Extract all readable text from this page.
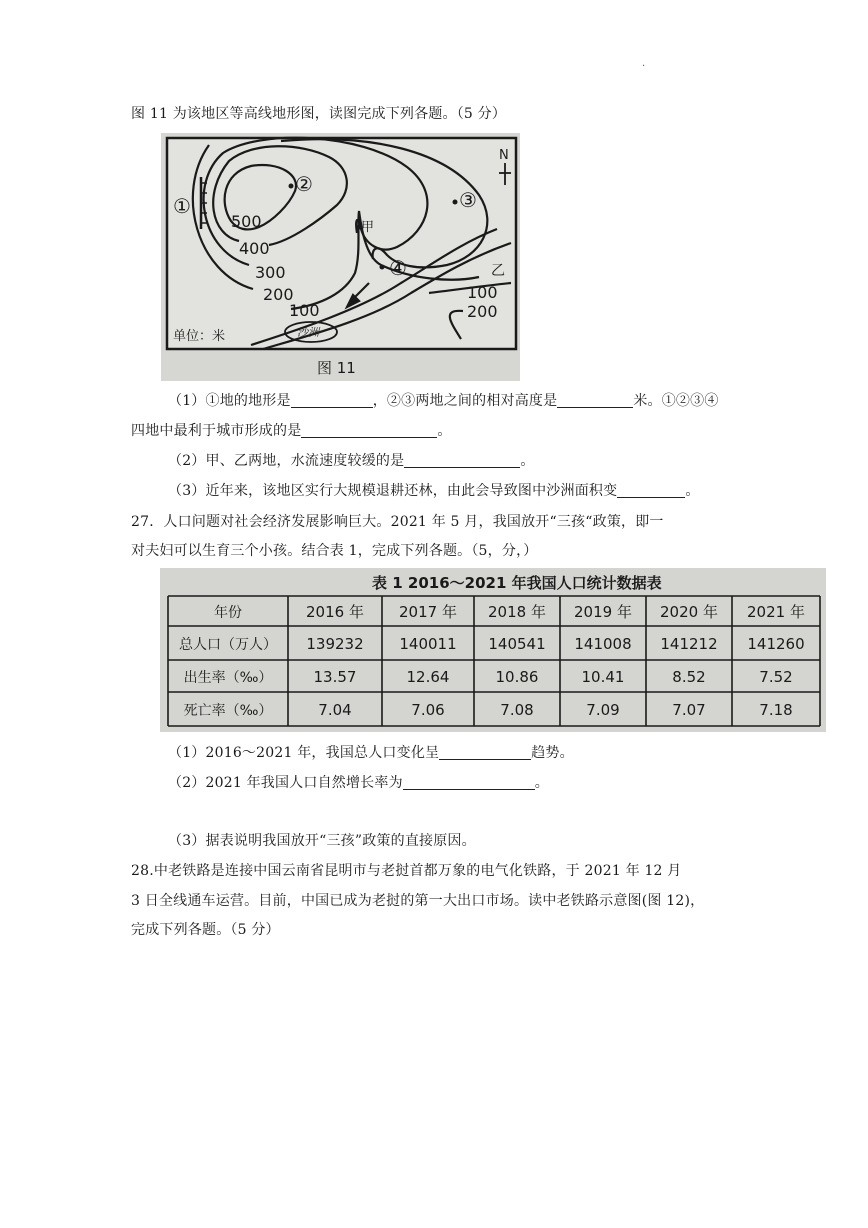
.
图 11 为该地区等高线地形图，读图完成下列各题。（5 分）
沙洲
①
②
③
④
甲
乙
500
400
300
200
100
100
200
N
单位：米
图 11
（1）①地的地形是	，②③两地之间的相对高度是	米。①②③④
四地中最利于城市形成的是	。
（2）甲、乙两地，水流速度较缓的是	。
（3）近年来，该地区实行大规模退耕还林，由此会导致图中沙洲面积变	。
27．人口问题对社会经济发展影响巨大。2021 年 5 月，我国放开“三孩“政策，即一
对夫妇可以生育三个小孩。结合表 1，完成下列各题。（5，分，）
表 1 2016～2021 年我国人口统计数据表
年份	2016 年 2017 年 2018 年 2019 年 2020 年 2021 年
总人口（万人） 139232 140011 140541 141008 141212 141260
出生率（‰）	13.57	12.64	10.86	10.41	8.52	7.52
死亡率（‰）	7.04	7.06	7.08	7.09	7.07	7.18
（1）2016～2021 年，我国总人口变化呈	趋势。
（2）2021 年我国人口自然增长率为	。
（3）据表说明我国放开“三孩”政策的直接原因。
28.中老铁路是连接中国云南省昆明市与老挝首都万象的电气化铁路，于 2021 年 12 月
3 日全线通车运营。目前，中国已成为老挝的第一大出口市场。读中老铁路示意图(图 12)，
完成下列各题。（5 分）
